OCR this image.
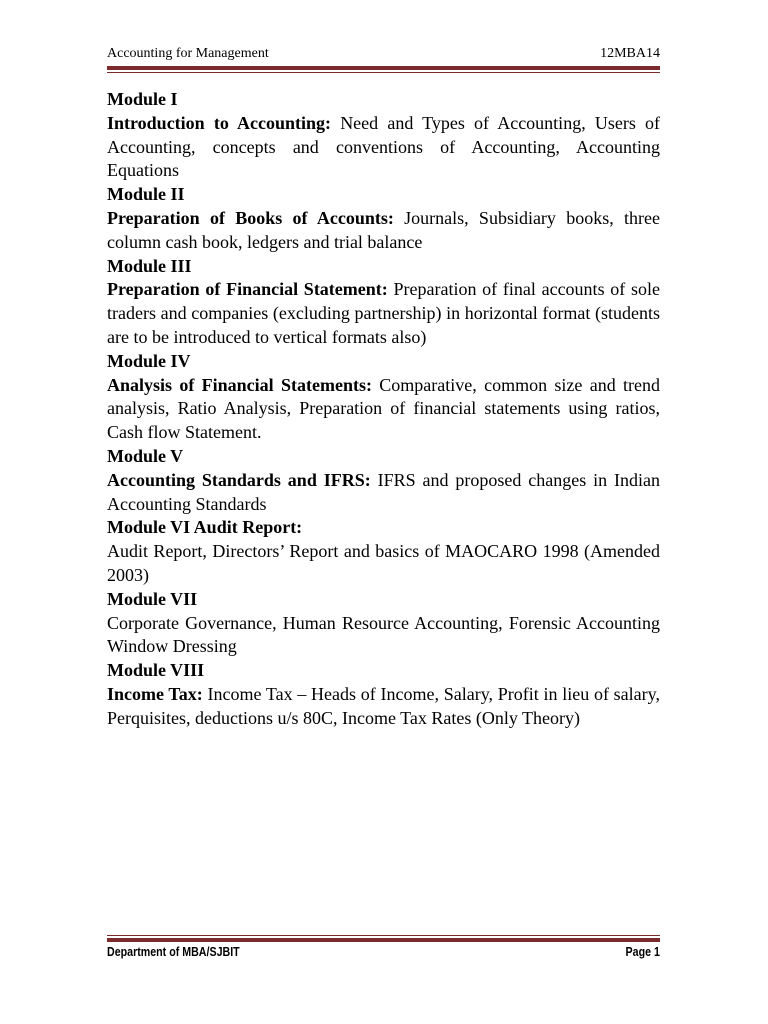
Accounting for Management	12MBA14

Module I

Introduction to Accounting: Need and Types of Accounting, Users of Accounting, concepts and conventions of Accounting, Accounting Equations

Module II

Preparation of Books of Accounts: Journals, Subsidiary books, three column cash book, ledgers and trial balance

Module III

Preparation of Financial Statement: Preparation of final accounts of sole traders and companies (excluding partnership) in horizontal format (students are to be introduced to vertical formats also)

Module IV

Analysis of Financial Statements: Comparative, common size and trend analysis, Ratio Analysis, Preparation of financial statements using ratios, Cash flow Statement.

Module V

Accounting Standards and IFRS: IFRS and proposed changes in Indian Accounting Standards

Module VI Audit Report:

Audit Report, Directors’ Report and basics of MAOCARO 1998 (Amended 2003)

Module VII

Corporate Governance, Human Resource Accounting, Forensic Accounting Window Dressing

Module VIII

Income Tax: Income Tax – Heads of Income, Salary, Profit in lieu of salary, Perquisites, deductions u/s 80C, Income Tax Rates (Only Theory)

Department of MBA/SJBIT	Page 1
